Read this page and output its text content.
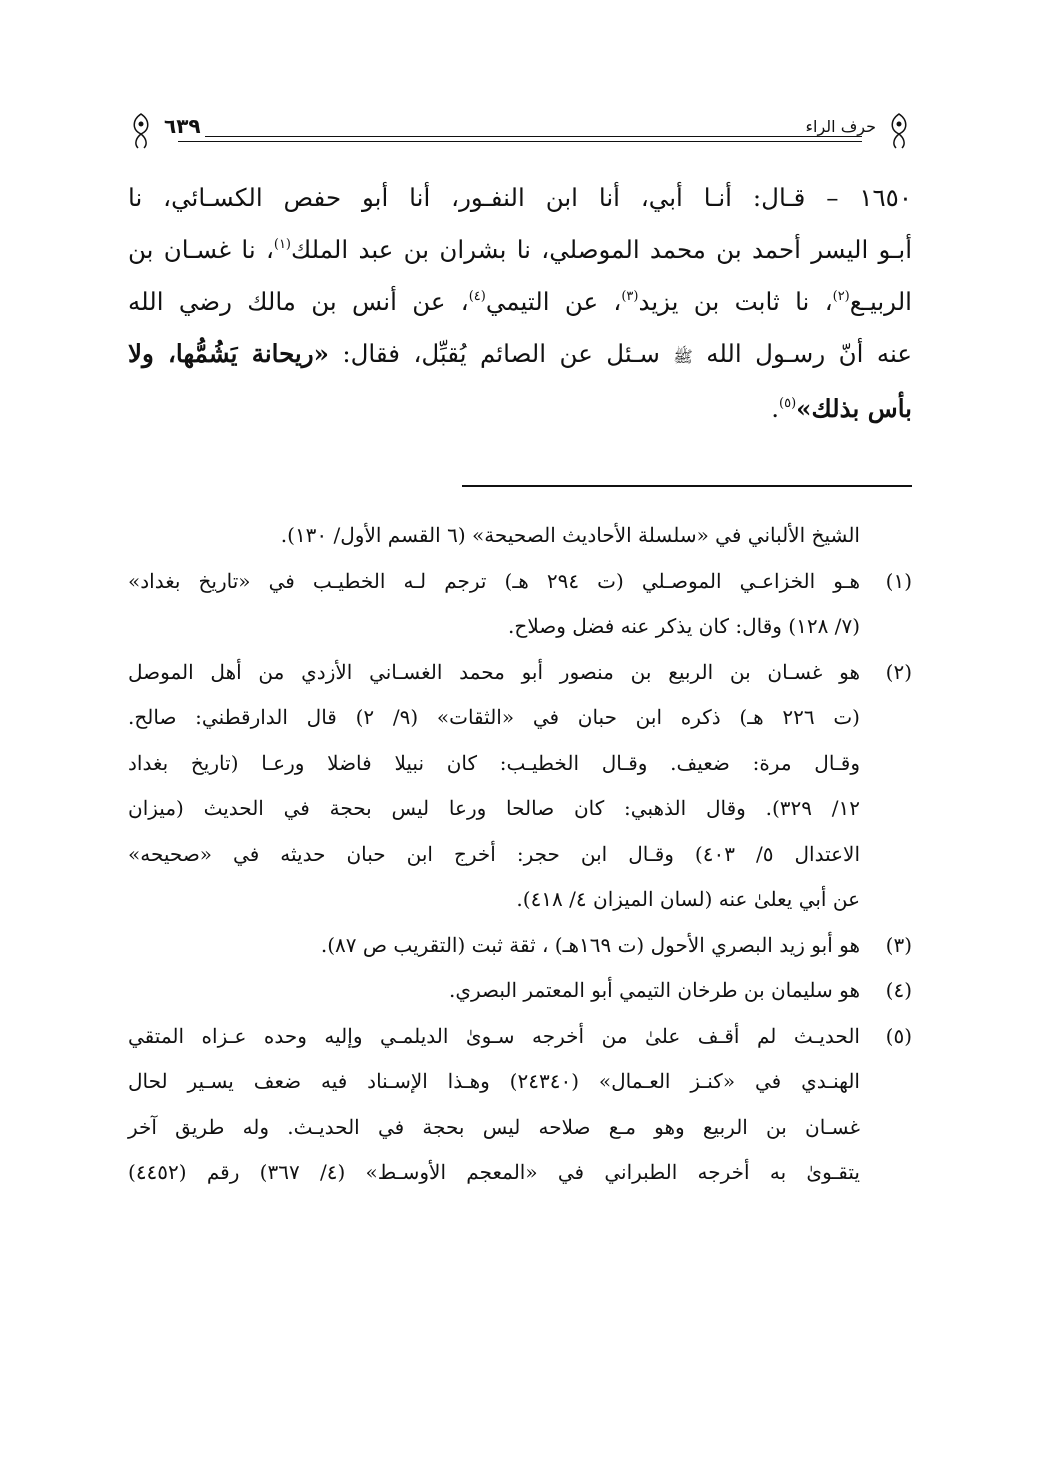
حرف الراء
٦٣٩

١٦٥٠ – قـال: أنـا أبي، أنا ابن النفـور، أنا أبو حفص الكسـائي، نا

أبـو اليسر أحمد بن محمد الموصلي، نا بشران بن عبد الملك$^{(١)}$، نا غسـان بن

الربيـع$^{(٢)}$، نا ثابت بن يزيد$^{(٣)}$، عن التيمي$^{(٤)}$، عن أنس بن مالك رضي الله

عنه أنّ رسـول الله ﷺ سـئل عن الصائم يُقبِّل، فقال: «ريحانة يَشُمُّها، ولا

بأس بذلك»$^{(٥)}$.

الشيخ الألباني في «سلسلة الأحاديث الصحيحة» (٦ القسم الأول/ ١٣٠).
(١)
هـو الخزاعـي الموصـلي (ت ٢٩٤ هـ) ترجم لـه الخطيـب في «تاريخ بغداد»
(٧/ ١٢٨) وقال: كان يذكر عنه فضل وصلاح.
(٢)
هو غسـان بن الربيع بن منصور أبو محمد الغسـاني الأزدي من أهل الموصل
(ت ٢٢٦ هـ) ذكره ابن حبان في «الثقات» (٩/ ٢) قال الدارقطني: صالح.
وقـال مرة: ضعيف. وقـال الخطيـب: كان نبيلا فاضلا ورعـا (تاريخ بغداد
١٢/ ٣٢٩). وقال الذهبي: كان صالحا ورعا ليس بحجة في الحديث (ميزان
الاعتدال ٥/ ٤٠٣) وقـال ابن حجر: أخرج ابن حبان حديثه في «صحيحه»
عن أبي يعلىٰ عنه (لسان الميزان ٤/ ٤١٨).
(٣)
هو أبو زيد البصري الأحول (ت ١٦٩هـ) ، ثقة ثبت (التقريب ص ٨٧).
(٤)
هو سليمان بن طرخان التيمي أبو المعتمر البصري.
(٥)
الحديـث لم أقـف علىٰ من أخرجه سـوىٰ الديلمـي وإليه وحده عـزاه المتقي
الهنـدي في «كنـز العـمال» (٢٤٣٤٠) وهـذا الإسـناد فيه ضعف يسـير لحال
غسـان بن الربيع وهو مـع صلاحه ليس بحجة في الحديـث. وله طريق آخر
يتقـوىٰ به أخرجه الطبراني في «المعجم الأوسـط» (٤/ ٣٦٧) رقم (٤٤٥٢)
